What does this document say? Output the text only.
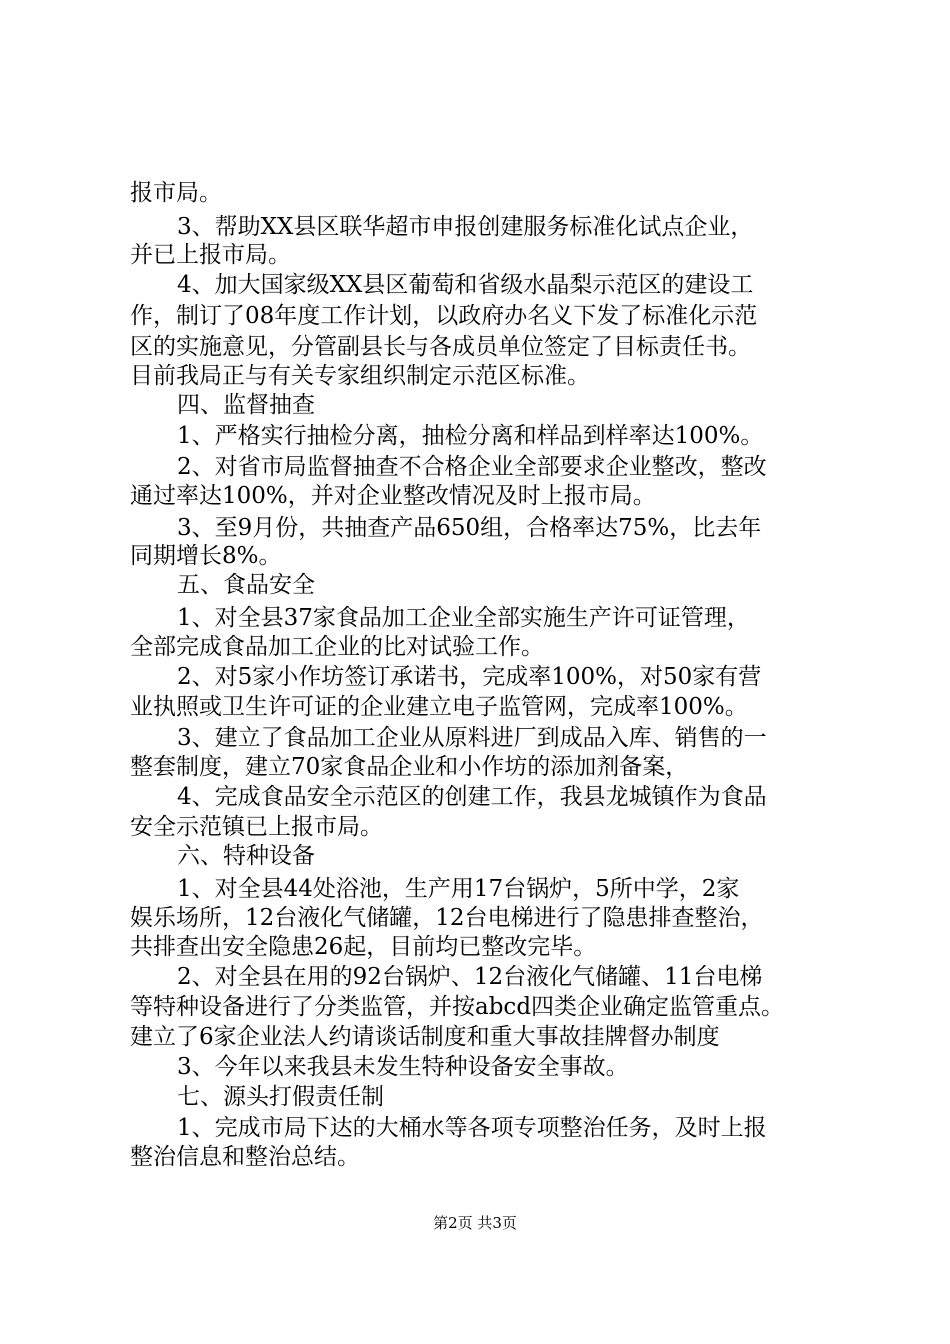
报市局。
3、帮助XX县区联华超市申报创建服务标准化试点企业，
并已上报市局。
4、加大国家级XX县区葡萄和省级水晶梨示范区的建设工
作，制订了08年度工作计划，以政府办名义下发了标准化示范
区的实施意见，分管副县长与各成员单位签定了目标责任书。
目前我局正与有关专家组织制定示范区标准。
四、监督抽查
1、严格实行抽检分离，抽检分离和样品到样率达100%。
2、对省市局监督抽查不合格企业全部要求企业整改，整改
通过率达100%，并对企业整改情况及时上报市局。
3、至9月份，共抽查产品650组，合格率达75%，比去年
同期增长8%。
五、食品安全
1、对全县37家食品加工企业全部实施生产许可证管理，
全部完成食品加工企业的比对试验工作。
2、对5家小作坊签订承诺书，完成率100%，对50家有营
业执照或卫生许可证的企业建立电子监管网，完成率100%。
3、建立了食品加工企业从原料进厂到成品入库、销售的一
整套制度，建立70家食品企业和小作坊的添加剂备案，
4、完成食品安全示范区的创建工作，我县龙城镇作为食品
安全示范镇已上报市局。
六、特种设备
1、对全县44处浴池，生产用17台锅炉，5所中学，2家
娱乐场所，12台液化气储罐，12台电梯进行了隐患排查整治，
共排查出安全隐患26起，目前均已整改完毕。
2、对全县在用的92台锅炉、12台液化气储罐、11台电梯
等特种设备进行了分类监管，并按abcd四类企业确定监管重点。
建立了6家企业法人约请谈话制度和重大事故挂牌督办制度
3、今年以来我县未发生特种设备安全事故。
七、源头打假责任制
1、完成市局下达的大桶水等各项专项整治任务，及时上报
整治信息和整治总结。
第2页 共3页
